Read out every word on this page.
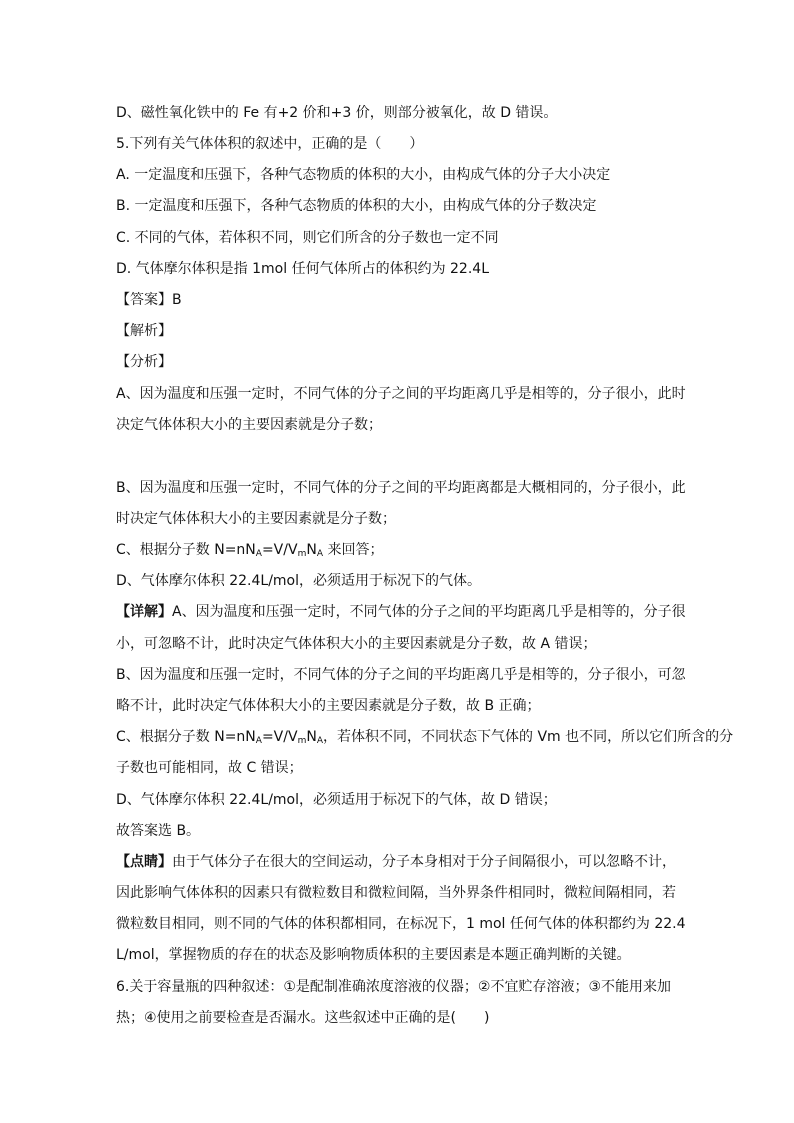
D、磁性氧化铁中的 Fe 有+2 价和+3 价，则部分被氧化，故 D 错误。
5.下列有关气体体积的叙述中，正确的是（　　）
A. 一定温度和压强下，各种气态物质的体积的大小，由构成气体的分子大小决定
B. 一定温度和压强下，各种气态物质的体积的大小，由构成气体的分子数决定
C. 不同的气体，若体积不同，则它们所含的分子数也一定不同
D. 气体摩尔体积是指 1mol 任何气体所占的体积约为 22.4L
【答案】B
【解析】
【分析】
A、因为温度和压强一定时，不同气体的分子之间的平均距离几乎是相等的，分子很小，此时
决定气体体积大小的主要因素就是分子数；
B、因为温度和压强一定时，不同气体的分子之间的平均距离都是大概相同的，分子很小，此
时决定气体体积大小的主要因素就是分子数；
C、根据分子数 $N=nN_A=V/V_mN_A$ 来回答；
D、气体摩尔体积 22.4L/mol，必须适用于标况下的气体。
【详解】A、因为温度和压强一定时，不同气体的分子之间的平均距离几乎是相等的，分子很
小，可忽略不计，此时决定气体体积大小的主要因素就是分子数，故 A 错误；
B、因为温度和压强一定时，不同气体的分子之间的平均距离几乎是相等的，分子很小，可忽
略不计，此时决定气体体积大小的主要因素就是分子数，故 B 正确；
C、根据分子数 $N=nN_A=V/V_mN_A$，若体积不同，不同状态下气体的 Vm 也不同，所以它们所含的分
子数也可能相同，故 C 错误；
D、气体摩尔体积 22.4L/mol，必须适用于标况下的气体，故 D 错误；
故答案选 B。
【点睛】由于气体分子在很大的空间运动，分子本身相对于分子间隔很小，可以忽略不计，
因此影响气体体积的因素只有微粒数目和微粒间隔，当外界条件相同时，微粒间隔相同，若
微粒数目相同，则不同的气体的体积都相同，在标况下，1 mol 任何气体的体积都约为 22.4
L/mol，掌握物质的存在的状态及影响物质体积的主要因素是本题正确判断的关键。
6.关于容量瓶的四种叙述：①是配制准确浓度溶液的仪器；②不宜贮存溶液；③不能用来加
热；④使用之前要检查是否漏水。这些叙述中正确的是(　　)
